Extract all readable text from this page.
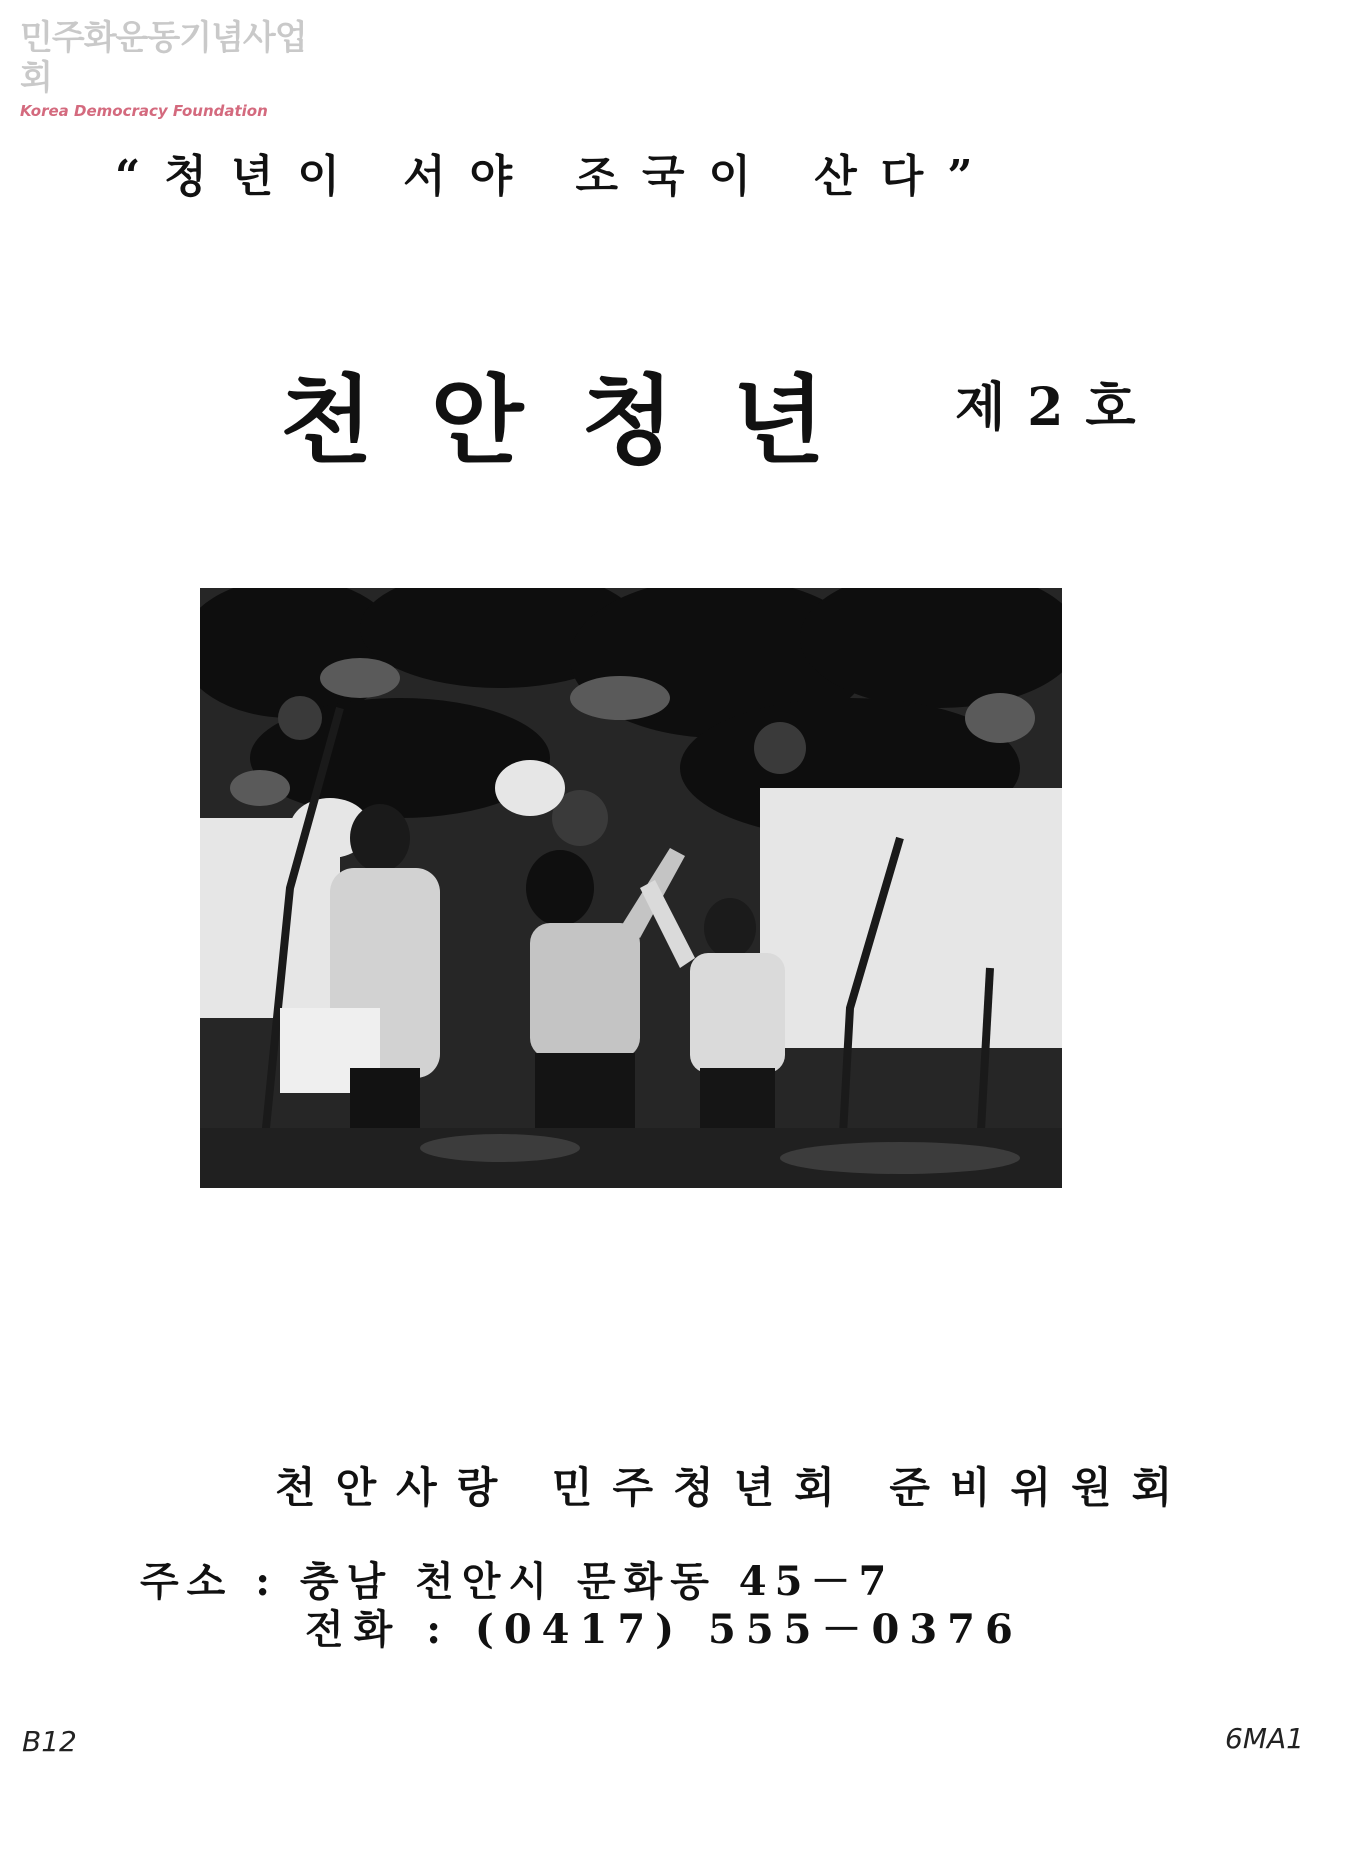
민주화운동기념사업회
Korea Democracy Foundation
“청년이 서야 조국이 산다”
천안청년 제2호
천안사랑 민주청년회 준비위원회
주소 : 충남 천안시 문화동 45－7
전화 : (0417) 555－0376
B12	6MA1
